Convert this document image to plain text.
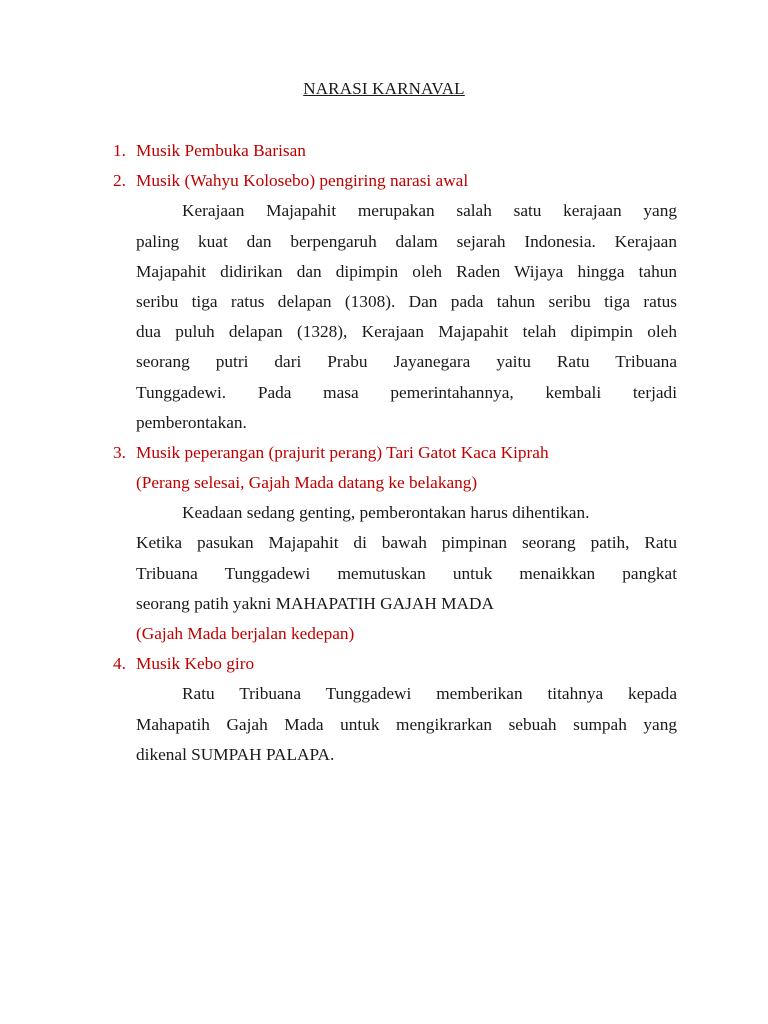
NARASI KARNAVAL
1. Musik Pembuka Barisan
2. Musik (Wahyu Kolosebo) pengiring narasi awal
Kerajaan Majapahit merupakan salah satu kerajaan yang
paling kuat dan berpengaruh dalam sejarah Indonesia. Kerajaan
Majapahit didirikan dan dipimpin oleh Raden Wijaya hingga tahun
seribu tiga ratus delapan (1308). Dan pada tahun seribu tiga ratus
dua puluh delapan (1328), Kerajaan Majapahit telah dipimpin oleh
seorang putri dari Prabu Jayanegara yaitu Ratu Tribuana
Tunggadewi. Pada masa pemerintahannya, kembali terjadi
pemberontakan.
3. Musik peperangan (prajurit perang) Tari Gatot Kaca Kiprah
(Perang selesai, Gajah Mada datang ke belakang)
Keadaan sedang genting, pemberontakan harus dihentikan.
Ketika pasukan Majapahit di bawah pimpinan seorang patih, Ratu
Tribuana Tunggadewi memutuskan untuk menaikkan pangkat
seorang patih yakni MAHAPATIH GAJAH MADA
(Gajah Mada berjalan kedepan)
4. Musik Kebo giro
Ratu Tribuana Tunggadewi memberikan titahnya kepada
Mahapatih Gajah Mada untuk mengikrarkan sebuah sumpah yang
dikenal SUMPAH PALAPA.
